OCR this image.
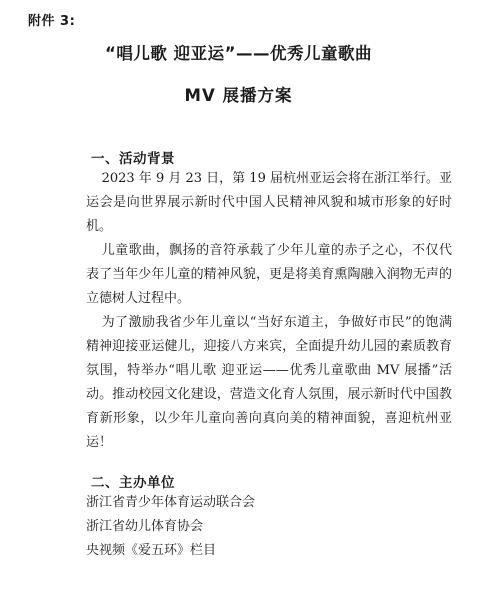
附件 3:
“唱儿歌 迎亚运”——优秀儿童歌曲
MV 展播方案
一、活动背景

2023 年 9 月 23 日，第 19 届杭州亚运会将在浙江举行。亚运会是向世界展示新时代中国人民精神风貌和城市形象的好时机。

儿童歌曲，飘扬的音符承载了少年儿童的赤子之心，不仅代表了当年少年儿童的精神风貌，更是将美育熏陶融入润物无声的立德树人过程中。

为了激励我省少年儿童以“当好东道主，争做好市民”的饱满精神迎接亚运健儿，迎接八方来宾，全面提升幼儿园的素质教育氛围，特举办“唱儿歌 迎亚运——优秀儿童歌曲 MV 展播”活动。推动校园文化建设，营造文化育人氛围，展示新时代中国教育新形象，以少年儿童向善向真向美的精神面貌，喜迎杭州亚运！

二、主办单位
浙江省青少年体育运动联合会
浙江省幼儿体育协会
央视频《爱五环》栏目
